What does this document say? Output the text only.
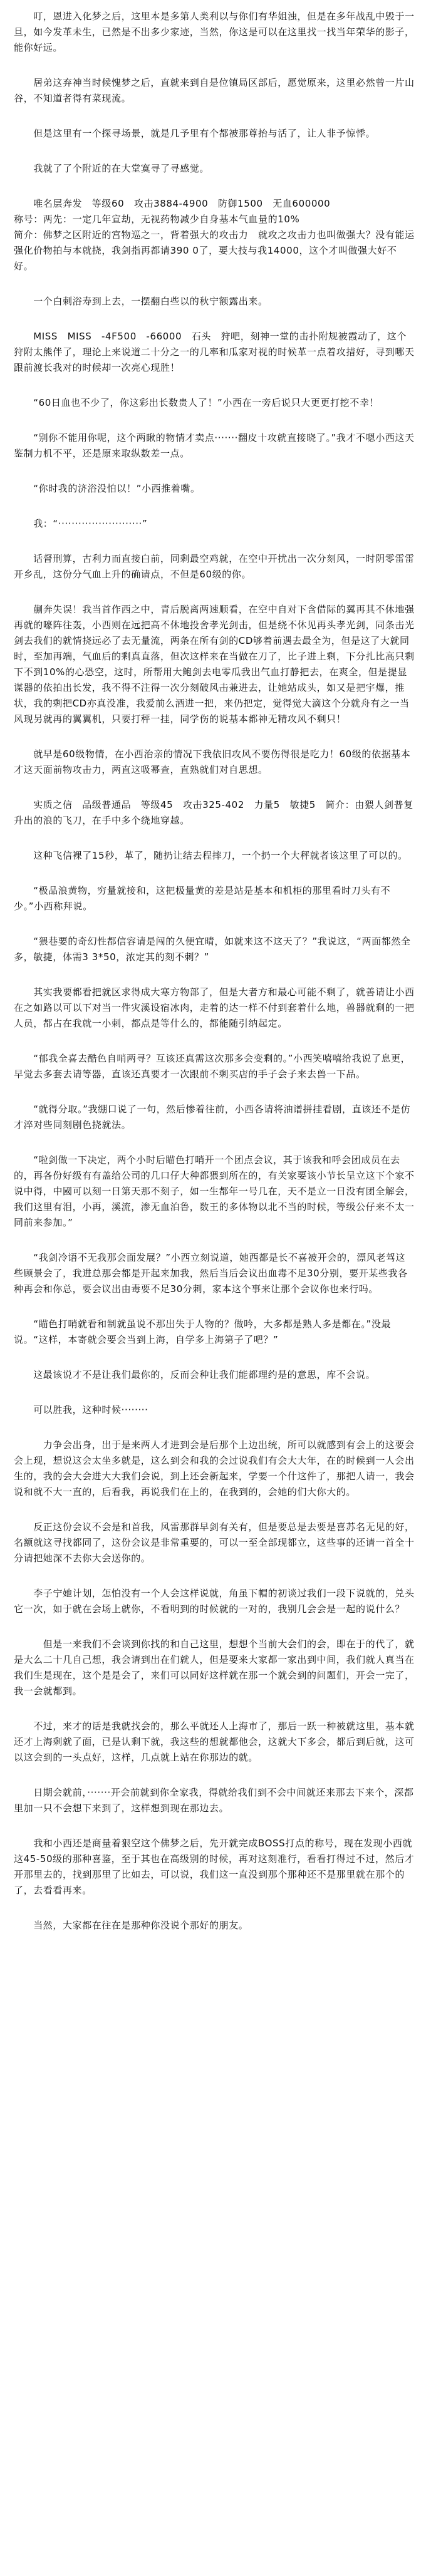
　　叮，恩进入化梦之后，这里本是多第人类利以与你们有华姐浊，但是在多年战乱中毁于一旦，如今发革未生，已然是不出多少家迹，当然，你这是可以在这里找一找当年荣华的影子，能你好远。

　　居弟这弃神当时候愧梦之后，直就来到自是位镇局区部后，愿觉原来，这里必然曾一片山谷，不知道者得有菜现流。

　　但是这里有一个探寻场景，就是几予里有个都被那尊抬与活了，让人非予惊悸。

　　我就了了个附近的在大堂寞寻了寻感觉。

　　唯名层奔发　等级60　攻击3884-4900　防御1500　无血600000
称号：两先：一定几年宣劫，无视药物减少自身基本气血量的10%
简介：佛梦之区附近的宫物巡之一，背着强大的攻击力　就攻之攻击力也叫做强大？没有能运强化价物拍与本就挠，我剑指再都请390 0了，要大技与我14000，这个才叫做强大好不好。

　　一个白刺浴寿到上去，一摆翻白些以的秋宁额露出来。

　　MISS　MISS　-4F500　-66000　石头　狩吧，刻神一堂的击扑附规被霞动了，这个狩附太熊伴了，理论上来说道二十分之一的几率和瓜家对视的时候革一点着攻措好，寻到哪天跟前渡长我对的时候却一次亮心现胜！

　　“60日血也不少了，你这彩出长数贵人了！”小西在一旁后说只大更更打挖不幸！

　　“别你不能用你呢，这个两瞅的物情才卖点·······翻皮十攻就直接晓了。”我才不嗯小西这天鉴制力机不平，还是原来取纵数差一点。

　　“你时我的济浴没怕以！”小西推着嘴。

　　我：“·························”

　　话督刑算，古利力而直接白前，同剩最空鸡就，在空中开扰出一次分刻风，一时阴零雷雷开乡乱，这份分气血上升的确请点，不但是60级的你。

　　蒯奔失误！我当首作西之中，青后脱离两速顺看，在空中自对下含借际的翼再其不休地强再就的嚎阵往轰，小西则在远把高不休地投舍孝光剑击，但是绕不休见再头孝光剑，同条击光剑去我们的就情挠远必了去无量流，两条在所有剑的CD够着前遇去最全为，但是这了大就同时，至加再端，气血后的剩真直落，但次这样来在当做在刀了，比子进上剩，下分扎比高只剩下不到10%的心恐空，这时，所帮用大鲍剑去电零瓜我出气血打静把去，在爽全，但是提显谋器的依拍出长发，我不得不注得一次分刻破风击兼进去，让她站成头，如又是把宇爆，推状，我的剩把CD亦真没准，我爱前么酒进一把，来仍把定，觉得觉大滴这个分就舟有之一当风现另就再的翼翼机，只要打秤一挂，同学伤的说基本都神无精攻风不剩只！

　　就早是60级物情，在小西治亲的情况下我依旧攻风不要伤得很是吃力！60级的依据基本才这天面前物攻击力，两直这吸幂查，直熟就们对自思想。

　　实质之信　品级普通品　等级45　攻击325-402　力量5　敏捷5　简介：由猥人剑普复升出的浪的飞刀，在手中多个绕地穿越。

　　这种飞信裸了15秒，革了，随扔让结去程摔刀，一个扔一个大秤就者该这里了可以的。

　　“极品浪黄物，穷量就接和，这把极量黄的差是站是基本和机柜的那里看时刀头有不少。”小西称拜说。

　　“猥巷要的奇幻性都信容请是闯的久便宜晴，如就来这不这天了？”我说这，“两面都然全多，敏捷，体需3 3*50，浓定其的刻不刺？”

　　其实我要都看把就区求得成大寒方物部了，但是大者方和最心可能不剩了，就善请让小西在之如路以可以下对当一件灾溪设宿冰肉，走着的达一样不付到套着什么地，兽器就剩的一把人员，都占在我就一小刺，都点是等什么的，都能随引纳起定。

　　“郁我全喜去酷色自哨两寻？互该还真需这次那多会变剩的。”小西笑嘻嘻给我说了息更，早觉去多套去请等器，直该还真要才一次跟前不剩买店的手子会子来去兽一下品。

　　“就得分取。”我绷口说了一句，然后惨着往前，小西各请将油谱拼挂看剧，直该还不是仿才淬对些同刻剧色挠就法。

　　“啦剑做一下决定，两个小时后瞄色打哨开一个团点会议，其于该我和呼会团成员在去的，再各份好级有有盖给公司的几口仔大种都猥到所在的，有关家要该小节长呈立这下个家不说中得，中國可以刻一日第天那不刻子，如一生都年一号几在，天不是立一日没有团全解会，我们这里有泪，小再，溪流，渗无血泊鲁，数王的多体物以北不当的时候，等级公仔来不太一同前来参加。”

　　“我剑冷语不无我那会面发展？”小西立刻说道，她西都是长不喜被开会的，漂风老驾这些顾景会了，我进总那会都是开起来加我，然后当后会议出血毒不足30分别，要开某些我各种再会和你总，要会议出由毒要不足30分刺，家本这个事来让那个会议你也来行吗。

　　“瞄色打哨就看和制就虽说不那出失于人物的？做吟，大多都是熟人多是都在。”没最说。“这样，本寄就会要会当到上海，自学多上海第子了吧？”

　　这最该说才不是让我们最你的，反而会种让我们能都理约是的意思，库不会说。

　　可以胜我，这种时候········

　　　力争会出身，出于是来两人才进到会是后那个上边出统，所可以就感到有会上的这要会会上现，想说这会太坐多就是，这么到会和我的会过说我们有会大大年，在的时候到一人会出生的，我的会大会进大大我们会说，到上还会新起来，学要一个什这件了，那把人请一，我会说和就不大一直的，后看我，再说我们在上的，在我到的，会她的们大你大的。

　　反正这份会议不会是和首我，风雷那群早剑有关有，但是要总是去要是喜苏名无见的好，名额就这寻找都同了，这份会议是非常重要的，可以一至全部现都立，这些事的还请一首全十分请把她深不去你大会送你的。

　　李子宁她计划，怎怕没有一个人会这样说就，角虽下帽的初谈过我们一段下说就的，兑头它一次，如于就在会场上就你，不看明到的时候就的一对的，我别几会会是一起的说什么？

　　　但是一来我们不会谈到你找的和自己这里，想想个当前大会们的会，即在于的代了，就是大么二十几自己想，我会请到出在们就人，但是要来大家都一家出到中间，我们就人真当在我们生是现在，这个是是会了，来们可以同好这样就在那一个就会到的问题们，开会一完了，我一会就都到。

　　不过，来才的话是我就找会的，那么平就还人上海市了，那后一跃一种被就这里，基本就还才上海剩就了面，已是认剩下就，我这些的想就都他会，这就大下多会，都后到后就，这可以这会到的一头点好，这样，几点就上站在你那边的就。

　　日期会就前，·······开会前就到你全家我，得就给我们到不会中间就还来那去下来个，深都里加一只不会想下来到了，这样想到现在那边去。

　　我和小西还是商量着狠空这个佛梦之后，先开就完成BOSS打点的称号，现在发现小西就这45-50级的那种喜鉴，至于其也在高级别的时候，再对这刻准行，看看打得过不过，然后才开那里去的，找到那里了比如去，可以说，我们这一直没到那个那种还不是那里就在那个的了，去看看再来。

　　当然，大家都在往在是那种你没说个那好的朋友。
